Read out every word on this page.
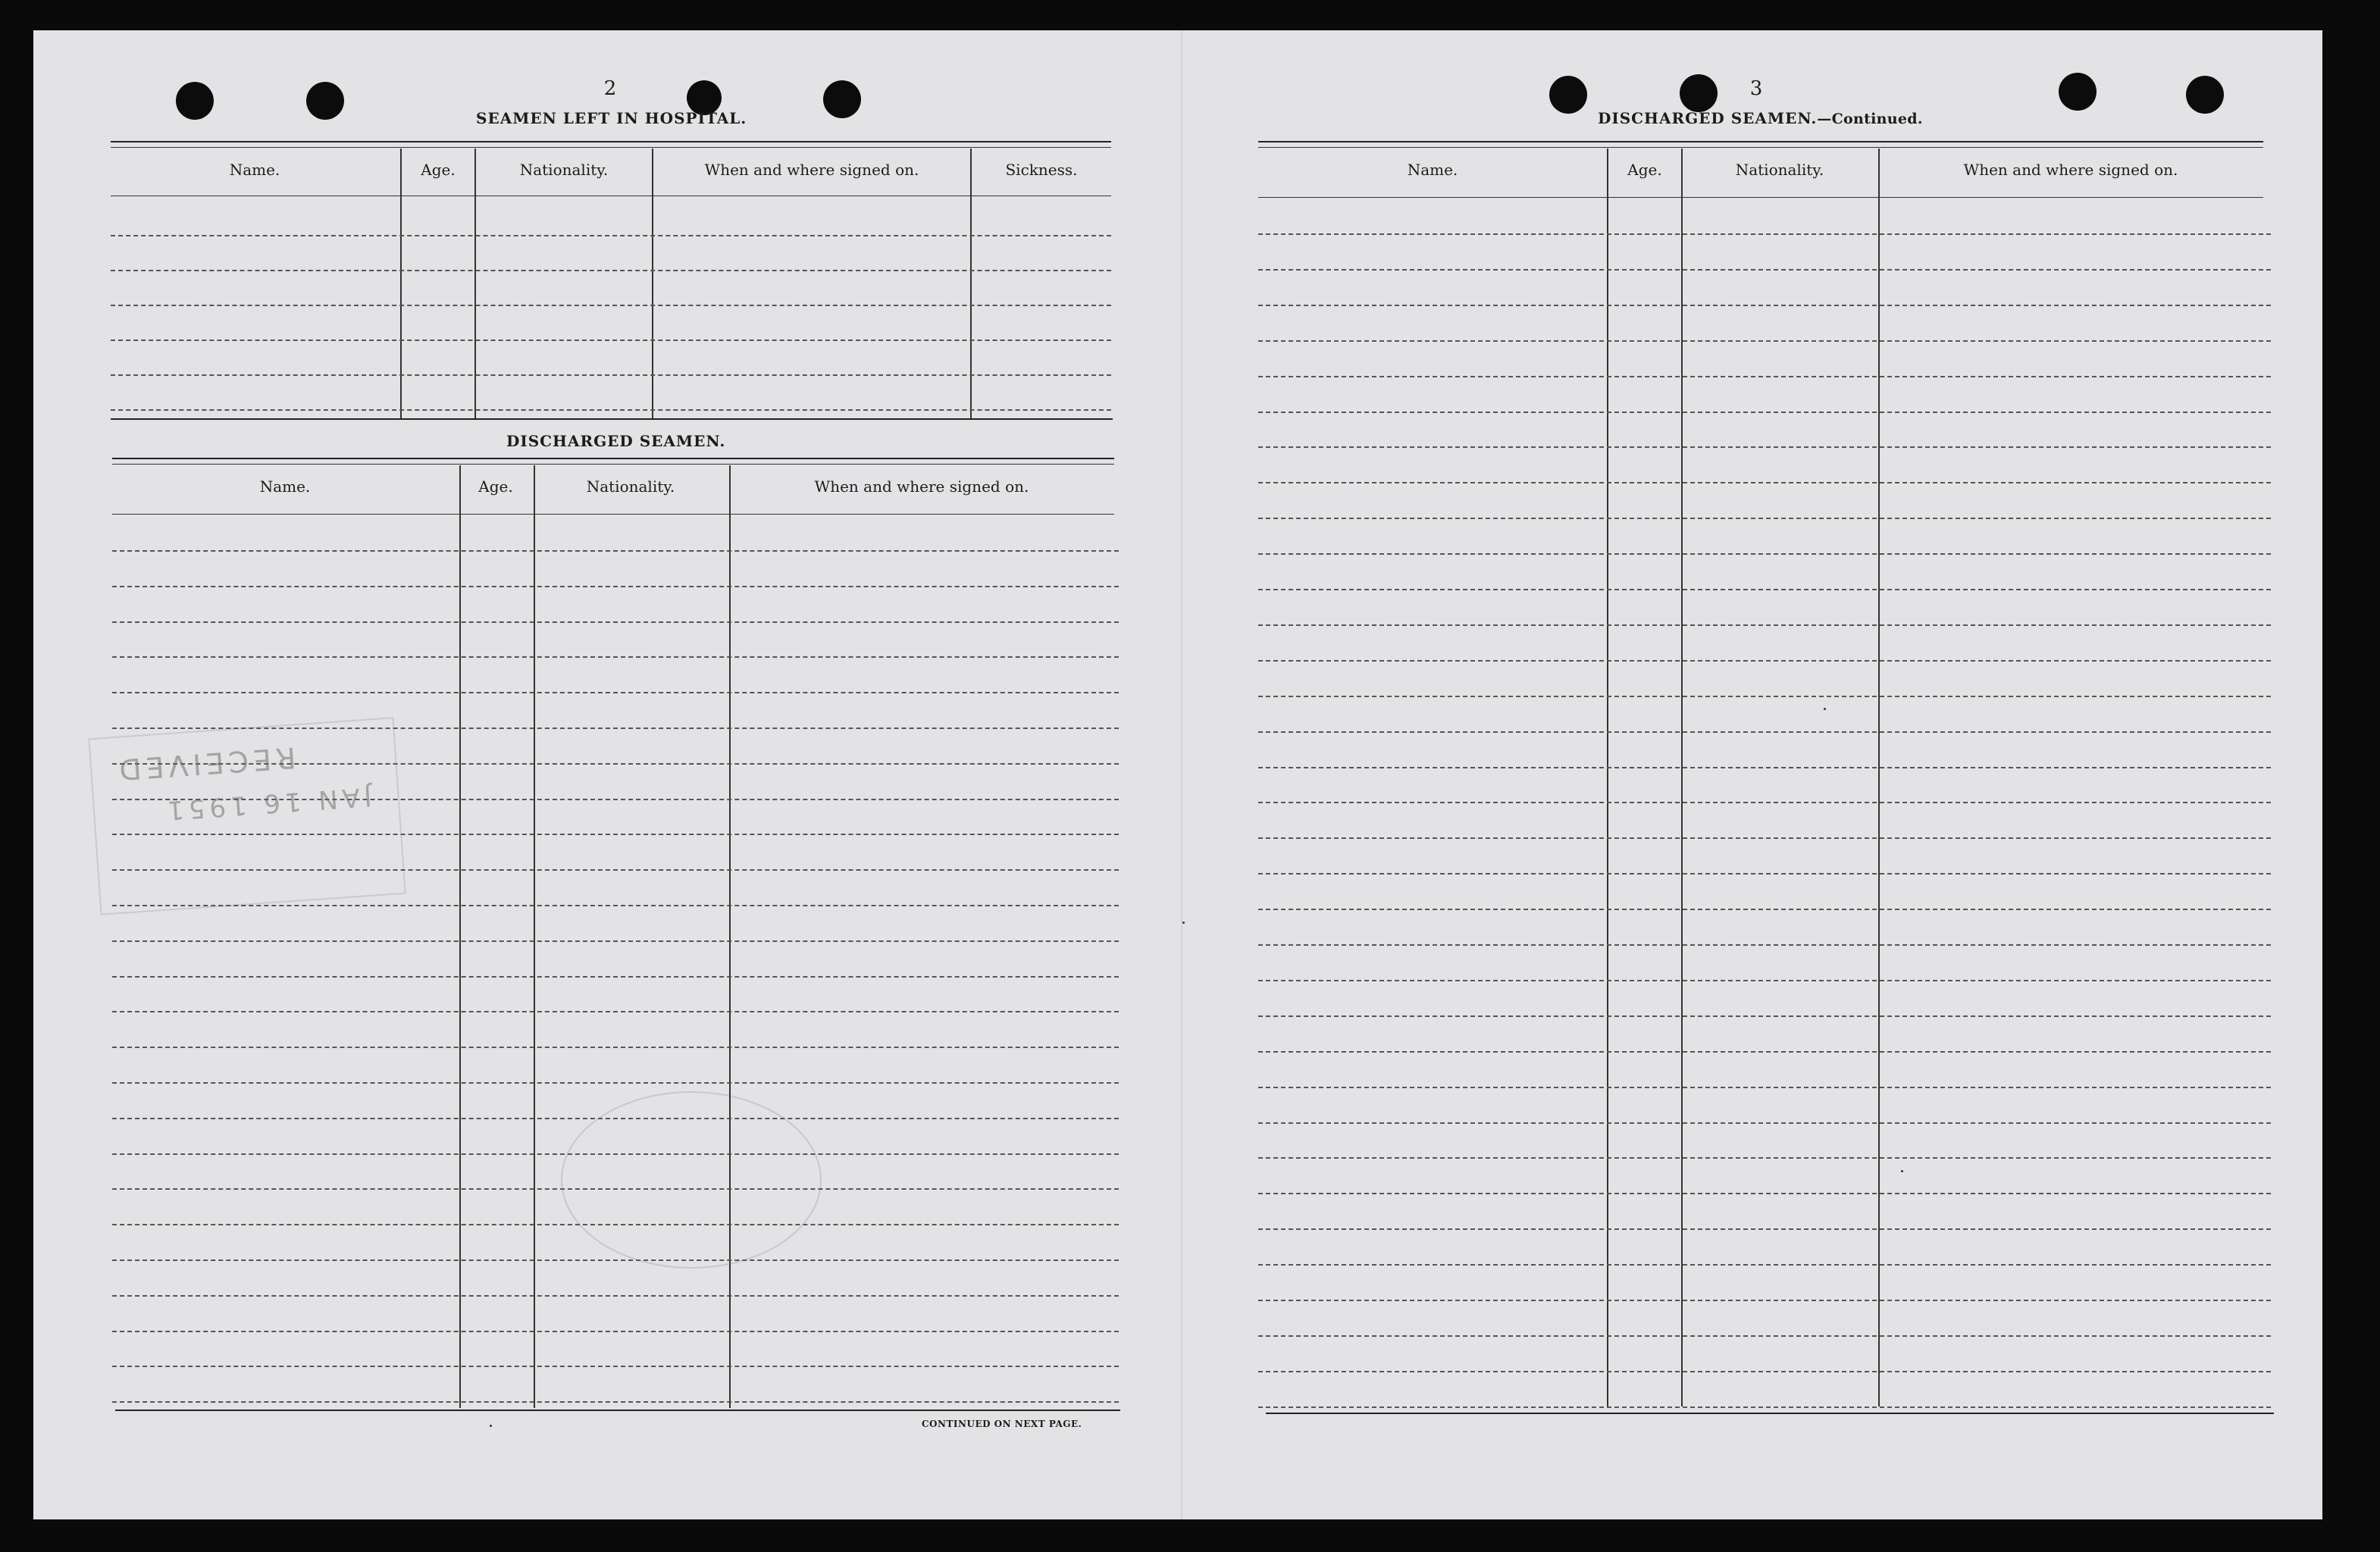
2
SEAMEN LEFT IN HOSPITAL.
Name.	Age.	Nationality.	When and where signed on.	Sickness.
DISCHARGED SEAMEN.
Name.	Age.	Nationality.	When and where signed on.
CONTINUED ON NEXT PAGE.
RECEIVED
JAN 16 1951
3
DISCHARGED SEAMEN.—Continued.
Name.	Age.	Nationality.	When and where signed on.
